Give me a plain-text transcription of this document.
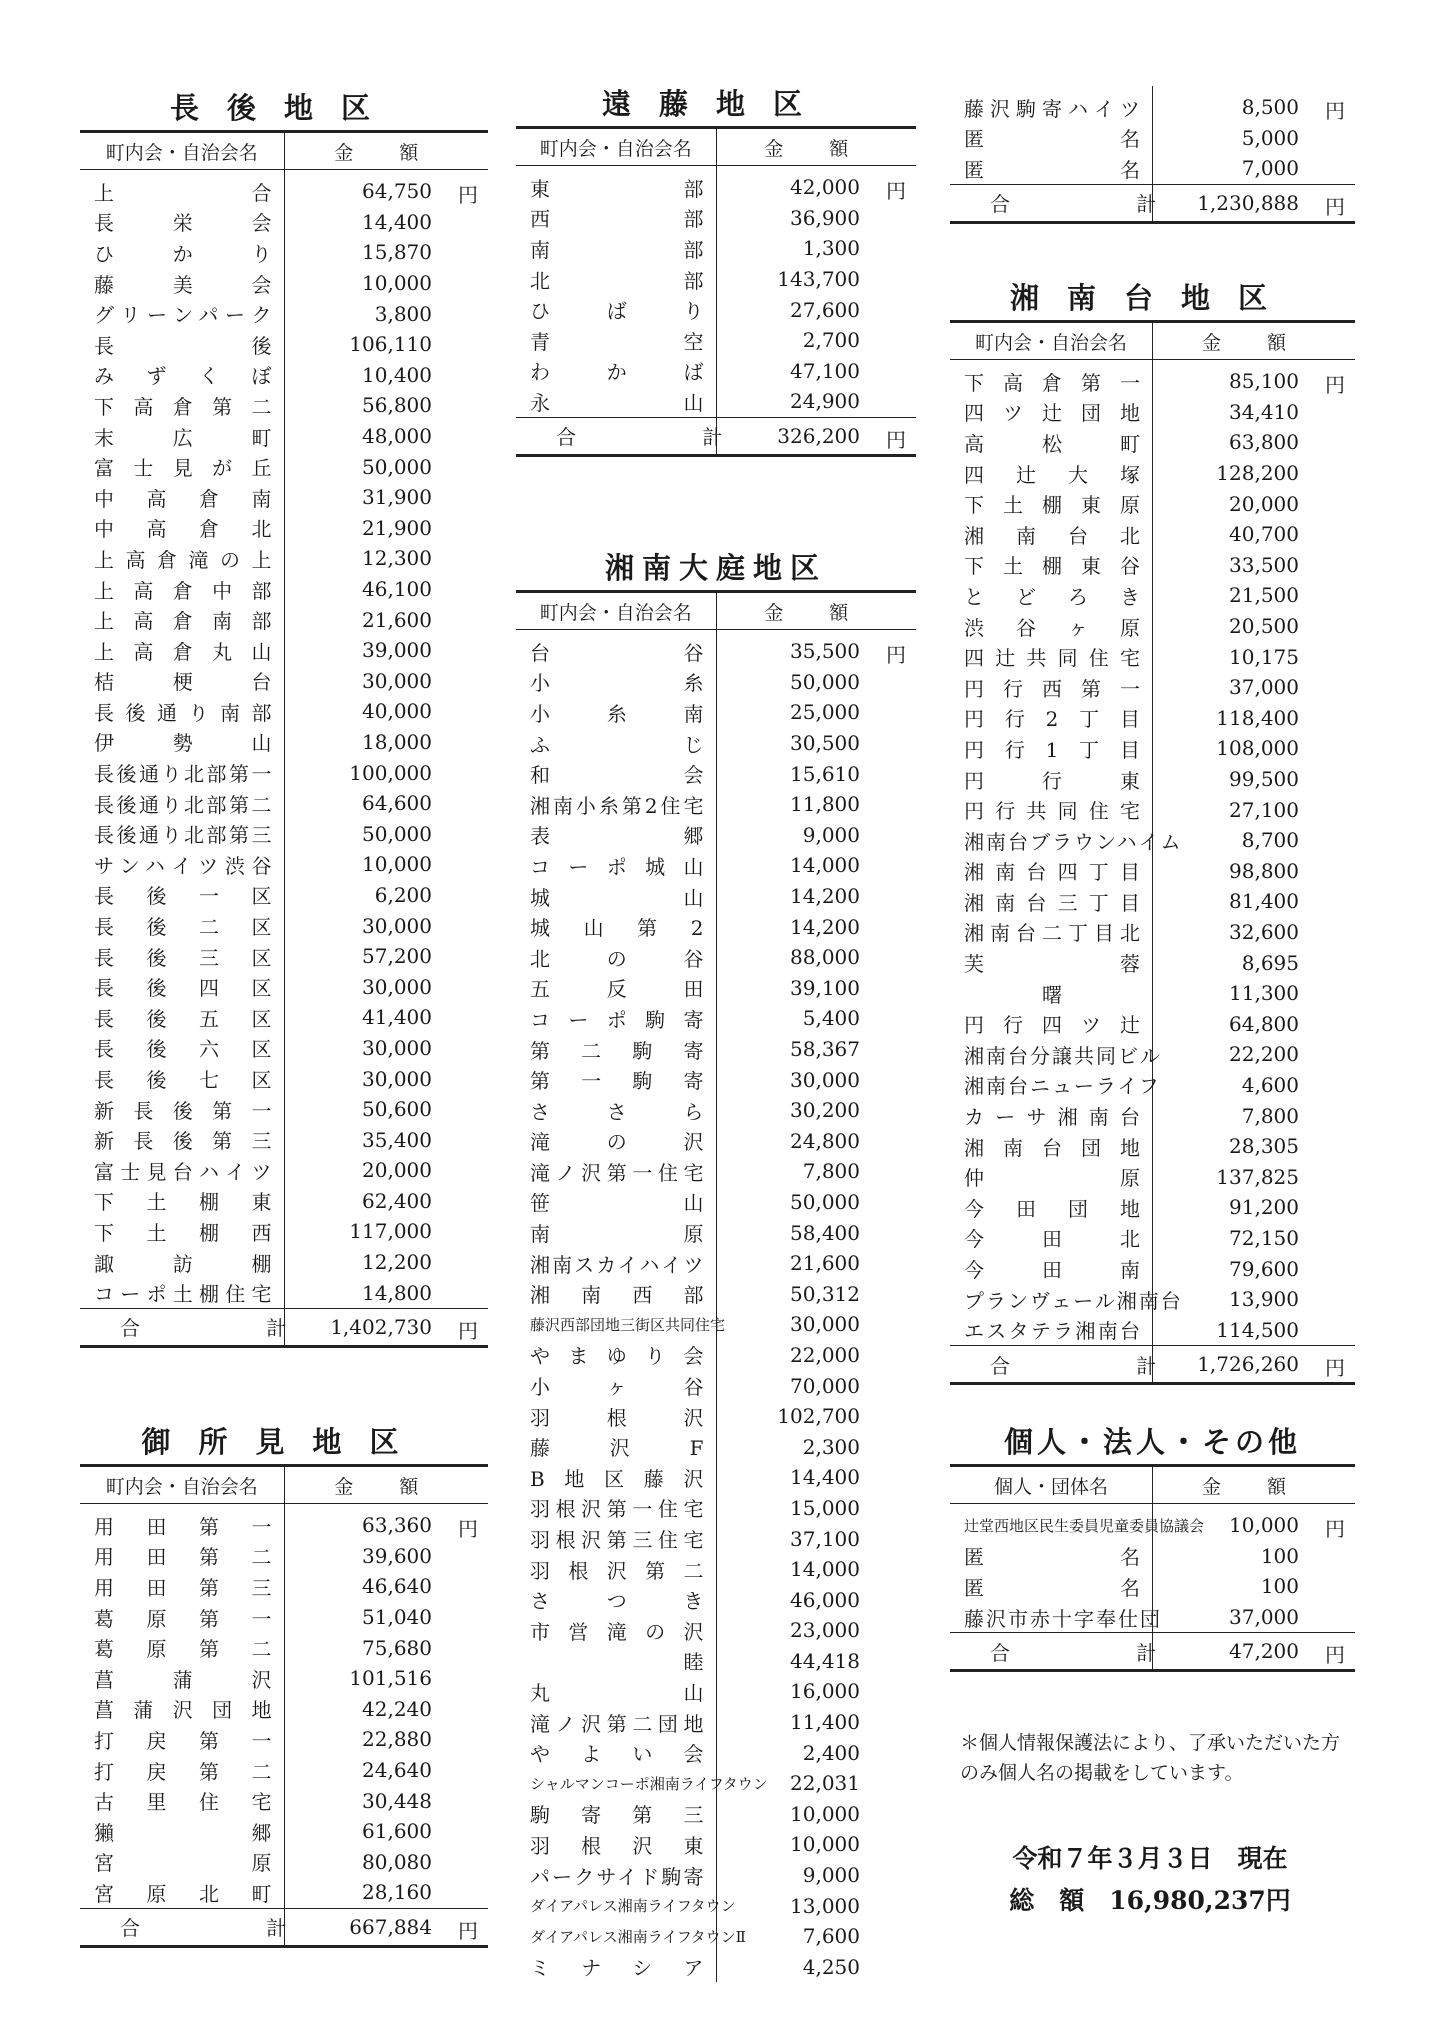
長後地区
町内会・自治会名	金 額
上合	64,750 円

長栄会	14,400
ひかり	15,870
藤美会	10,000
グリーンパーク	3,800
長後	106,110
みずくぼ	10,400
下高倉第二	56,800
末広町	48,000
富士見が丘	50,000
中高倉南	31,900
中高倉北	21,900
上高倉滝の上	12,300
上高倉中部	46,100
上高倉南部	21,600
上高倉丸山	39,000
桔梗台	30,000
長後通り南部	40,000
伊勢山	18,000
長後通り北部第一	100,000
長後通り北部第二	64,600
長後通り北部第三	50,000
サンハイツ渋谷	10,000
長後一区	6,200
長後二区	30,000
長後三区	57,200
長後四区	30,000
長後五区	41,400
長後六区	30,000
長後七区	30,000
新長後第一	50,600
新長後第三	35,400
富士見台ハイツ	20,000
下土棚東	62,400
下土棚西	117,000
諏訪棚	12,200
コーポ土棚住宅	14,800
合 計	1,402,730 円
御所見地区
町内会・自治会名	金 額
用田第一	63,360 円

用田第二	39,600
用田第三	46,640
葛原第一	51,040
葛原第二	75,680
菖蒲沢	101,516
菖蒲沢団地	42,240
打戻第一	22,880
打戻第二	24,640
古里住宅	30,448
獺郷	61,600
宮原	80,080
宮原北町	28,160
合 計	667,884 円
遠藤地区
町内会・自治会名	金 額
東部	42,000 円

西部	36,900
南部	1,300
北部	143,700
ひばり	27,600
青空	2,700
わかば	47,100
永山	24,900
合 計	326,200 円
湘南大庭地区
町内会・自治会名	金 額
台谷	35,500 円

小糸	50,000
小糸南	25,000
ふじ	30,500
和会	15,610
湘南小糸第2住宅	11,800
表郷	9,000
コーポ城山	14,000
城山	14,200
城山第2	14,200
北の谷	88,000
五反田	39,100
コーポ駒寄	5,400
第二駒寄	58,367
第一駒寄	30,000
ささら	30,200
滝の沢	24,800
滝ノ沢第一住宅	7,800
笹山	50,000
南原	58,400
湘南スカイハイツ	21,600
湘南西部	50,312
藤沢西部団地三街区共同住宅	30,000
やまゆり会	22,000
小ヶ谷	70,000
羽根沢	102,700
藤沢F	2,300
B地区藤沢	14,400
羽根沢第一住宅	15,000
羽根沢第三住宅	37,100
羽根沢第二	14,000
さつき	46,000
市営滝の沢	23,000
睦	44,418
丸山	16,000
滝ノ沢第二団地	11,400
やよい会	2,400
シャルマンコーポ湘南ライフタウン	22,031
駒寄第三	10,000
羽根沢東	10,000
パークサイド駒寄	9,000
ダイアパレス湘南ライフタウン	13,000
ダイアパレス湘南ライフタウンⅡ	7,600
ミナシア	4,250
藤沢駒寄ハイツ	8,500 円

匿名	5,000
匿名	7,000
合 計	1,230,888 円
湘南台地区
町内会・自治会名	金 額
下高倉第一	85,100 円

四ツ辻団地	34,410
高松町	63,800
四辻大塚	128,200
下土棚東原	20,000
湘南台北	40,700
下土棚東谷	33,500
とどろき	21,500
渋谷ヶ原	20,500
四辻共同住宅	10,175
円行西第一	37,000
円行2丁目	118,400
円行1丁目	108,000
円行東	99,500
円行共同住宅	27,100
湘南台ブラウンハイム	8,700
湘南台四丁目	98,800
湘南台三丁目	81,400
湘南台二丁目北	32,600
芙蓉	8,695
曙	11,300
円行四ツ辻	64,800
湘南台分譲共同ビル	22,200
湘南台ニューライフ	4,600
カーサ湘南台	7,800
湘南台団地	28,305
仲原	137,825
今田団地	91,200
今田北	72,150
今田南	79,600
プランヴェール湘南台	13,900
エスタテラ湘南台	114,500
合 計	1,726,260 円
個人・法人・その他
個人・団体名	金 額
辻堂西地区民生委員児童委員協議会	10,000 円

匿名	100
匿名	100
藤沢市赤十字奉仕団	37,000
合 計	47,200 円
＊個人情報保護法により、了承いただいた方のみ個人名の掲載をしています。
令和７年３月３日　現在
総　額　16,980,237円
